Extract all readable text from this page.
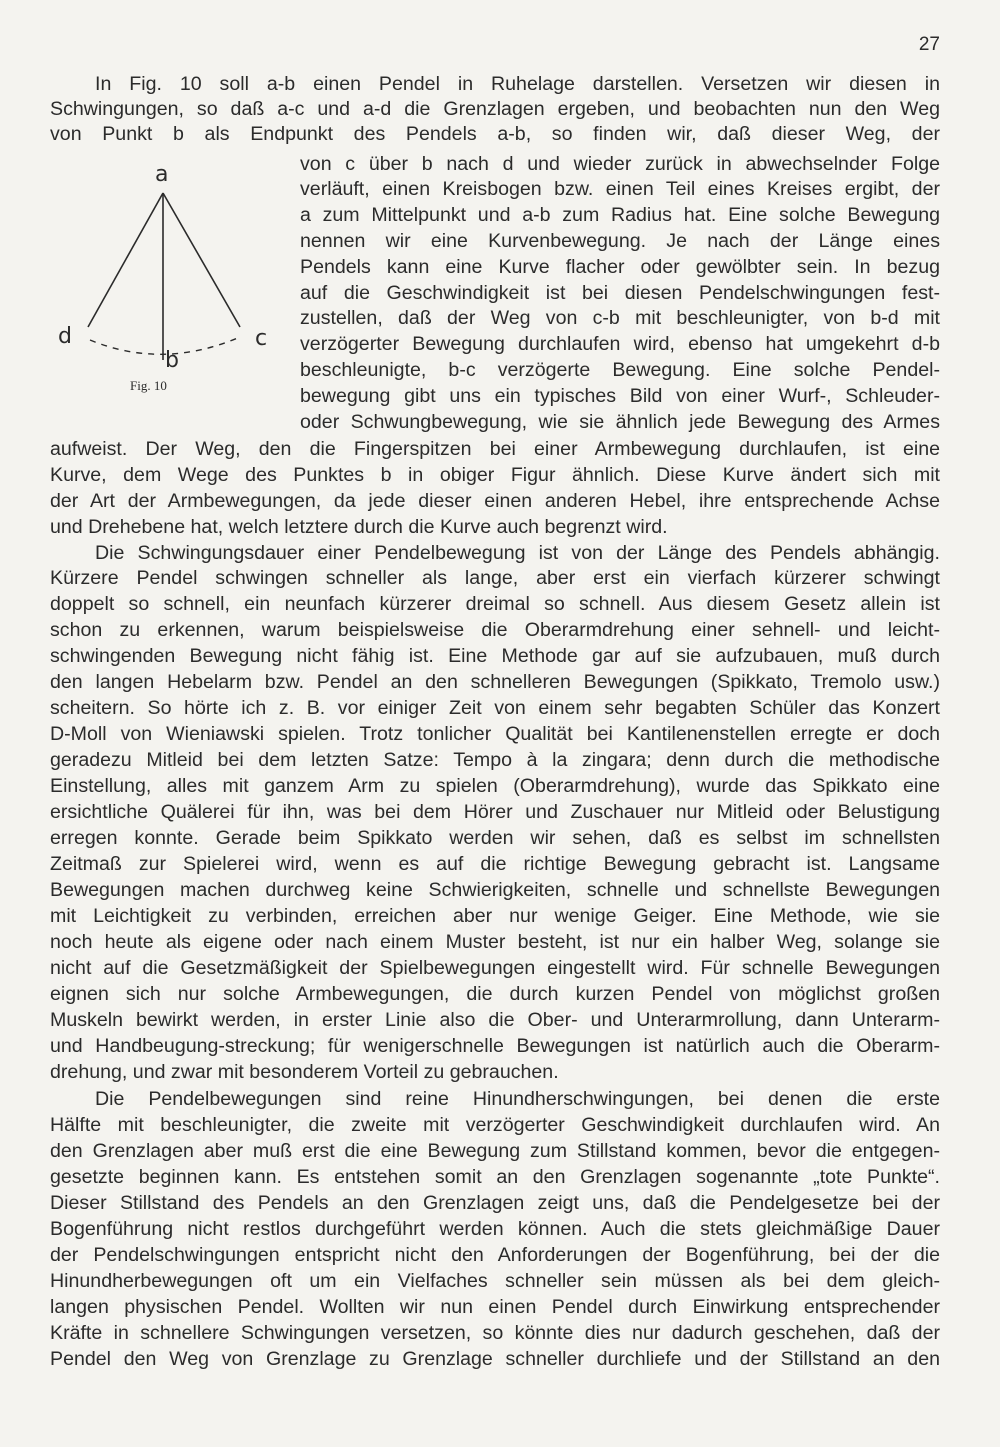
27
a
d	c
b
Fig. 10
In Fig. 10 soll a-b einen Pendel in Ruhelage darstellen. Versetzen wir diesen in
Schwingungen, so daß a-c und a-d die Grenzlagen ergeben, und beobachten nun den Weg
von Punkt b als Endpunkt des Pendels a-b, so finden wir, daß dieser Weg, der
von c über b nach d und wieder zurück in abwechselnder Folge
verläuft, einen Kreisbogen bzw. einen Teil eines Kreises ergibt, der
a zum Mittelpunkt und a-b zum Radius hat. Eine solche Bewegung
nennen wir eine Kurvenbewegung. Je nach der Länge eines
Pendels kann eine Kurve flacher oder gewölbter sein. In bezug
auf die Geschwindigkeit ist bei diesen Pendelschwingungen fest-
zustellen, daß der Weg von c-b mit beschleunigter, von b-d mit
verzögerter Bewegung durchlaufen wird, ebenso hat umgekehrt d-b
beschleunigte, b-c verzögerte Bewegung. Eine solche Pendel-
bewegung gibt uns ein typisches Bild von einer Wurf-, Schleuder-
oder Schwungbewegung, wie sie ähnlich jede Bewegung des Armes
aufweist. Der Weg, den die Fingerspitzen bei einer Armbewegung durchlaufen, ist eine
Kurve, dem Wege des Punktes b in obiger Figur ähnlich. Diese Kurve ändert sich mit
der Art der Armbewegungen, da jede dieser einen anderen Hebel, ihre entsprechende Achse
und Drehebene hat, welch letztere durch die Kurve auch begrenzt wird.
Die Schwingungsdauer einer Pendelbewegung ist von der Länge des Pendels abhängig.
Kürzere Pendel schwingen schneller als lange, aber erst ein vierfach kürzerer schwingt
doppelt so schnell, ein neunfach kürzerer dreimal so schnell. Aus diesem Gesetz allein ist
schon zu erkennen, warum beispielsweise die Oberarmdrehung einer sehnell- und leicht-
schwingenden Bewegung nicht fähig ist. Eine Methode gar auf sie aufzubauen, muß durch
den langen Hebelarm bzw. Pendel an den schnelleren Bewegungen (Spikkato, Tremolo usw.)
scheitern. So hörte ich z. B. vor einiger Zeit von einem sehr begabten Schüler das Konzert
D-Moll von Wieniawski spielen. Trotz tonlicher Qualität bei Kantilenenstellen erregte er doch
geradezu Mitleid bei dem letzten Satze: Tempo à la zingara; denn durch die methodische
Einstellung, alles mit ganzem Arm zu spielen (Oberarmdrehung), wurde das Spikkato eine
ersichtliche Quälerei für ihn, was bei dem Hörer und Zuschauer nur Mitleid oder Belustigung
erregen konnte. Gerade beim Spikkato werden wir sehen, daß es selbst im schnellsten
Zeitmaß zur Spielerei wird, wenn es auf die richtige Bewegung gebracht ist. Langsame
Bewegungen machen durchweg keine Schwierigkeiten, schnelle und schnellste Bewegungen
mit Leichtigkeit zu verbinden, erreichen aber nur wenige Geiger. Eine Methode, wie sie
noch heute als eigene oder nach einem Muster besteht, ist nur ein halber Weg, solange sie
nicht auf die Gesetzmäßigkeit der Spielbewegungen eingestellt wird. Für schnelle Bewegungen
eignen sich nur solche Armbewegungen, die durch kurzen Pendel von möglichst großen
Muskeln bewirkt werden, in erster Linie also die Ober- und Unterarmrollung, dann Unterarm-
und Handbeugung-streckung; für wenigerschnelle Bewegungen ist natürlich auch die Oberarm-
drehung, und zwar mit besonderem Vorteil zu gebrauchen.
Die Pendelbewegungen sind reine Hinundherschwingungen, bei denen die erste
Hälfte mit beschleunigter, die zweite mit verzögerter Geschwindigkeit durchlaufen wird. An
den Grenzlagen aber muß erst die eine Bewegung zum Stillstand kommen, bevor die entgegen-
gesetzte beginnen kann. Es entstehen somit an den Grenzlagen sogenannte „tote Punkte“.
Dieser Stillstand des Pendels an den Grenzlagen zeigt uns, daß die Pendelgesetze bei der
Bogenführung nicht restlos durchgeführt werden können. Auch die stets gleichmäßige Dauer
der Pendelschwingungen entspricht nicht den Anforderungen der Bogenführung, bei der die
Hinundherbewegungen oft um ein Vielfaches schneller sein müssen als bei dem gleich-
langen physischen Pendel. Wollten wir nun einen Pendel durch Einwirkung entsprechender
Kräfte in schnellere Schwingungen versetzen, so könnte dies nur dadurch geschehen, daß der
Pendel den Weg von Grenzlage zu Grenzlage schneller durchliefe und der Stillstand an den
